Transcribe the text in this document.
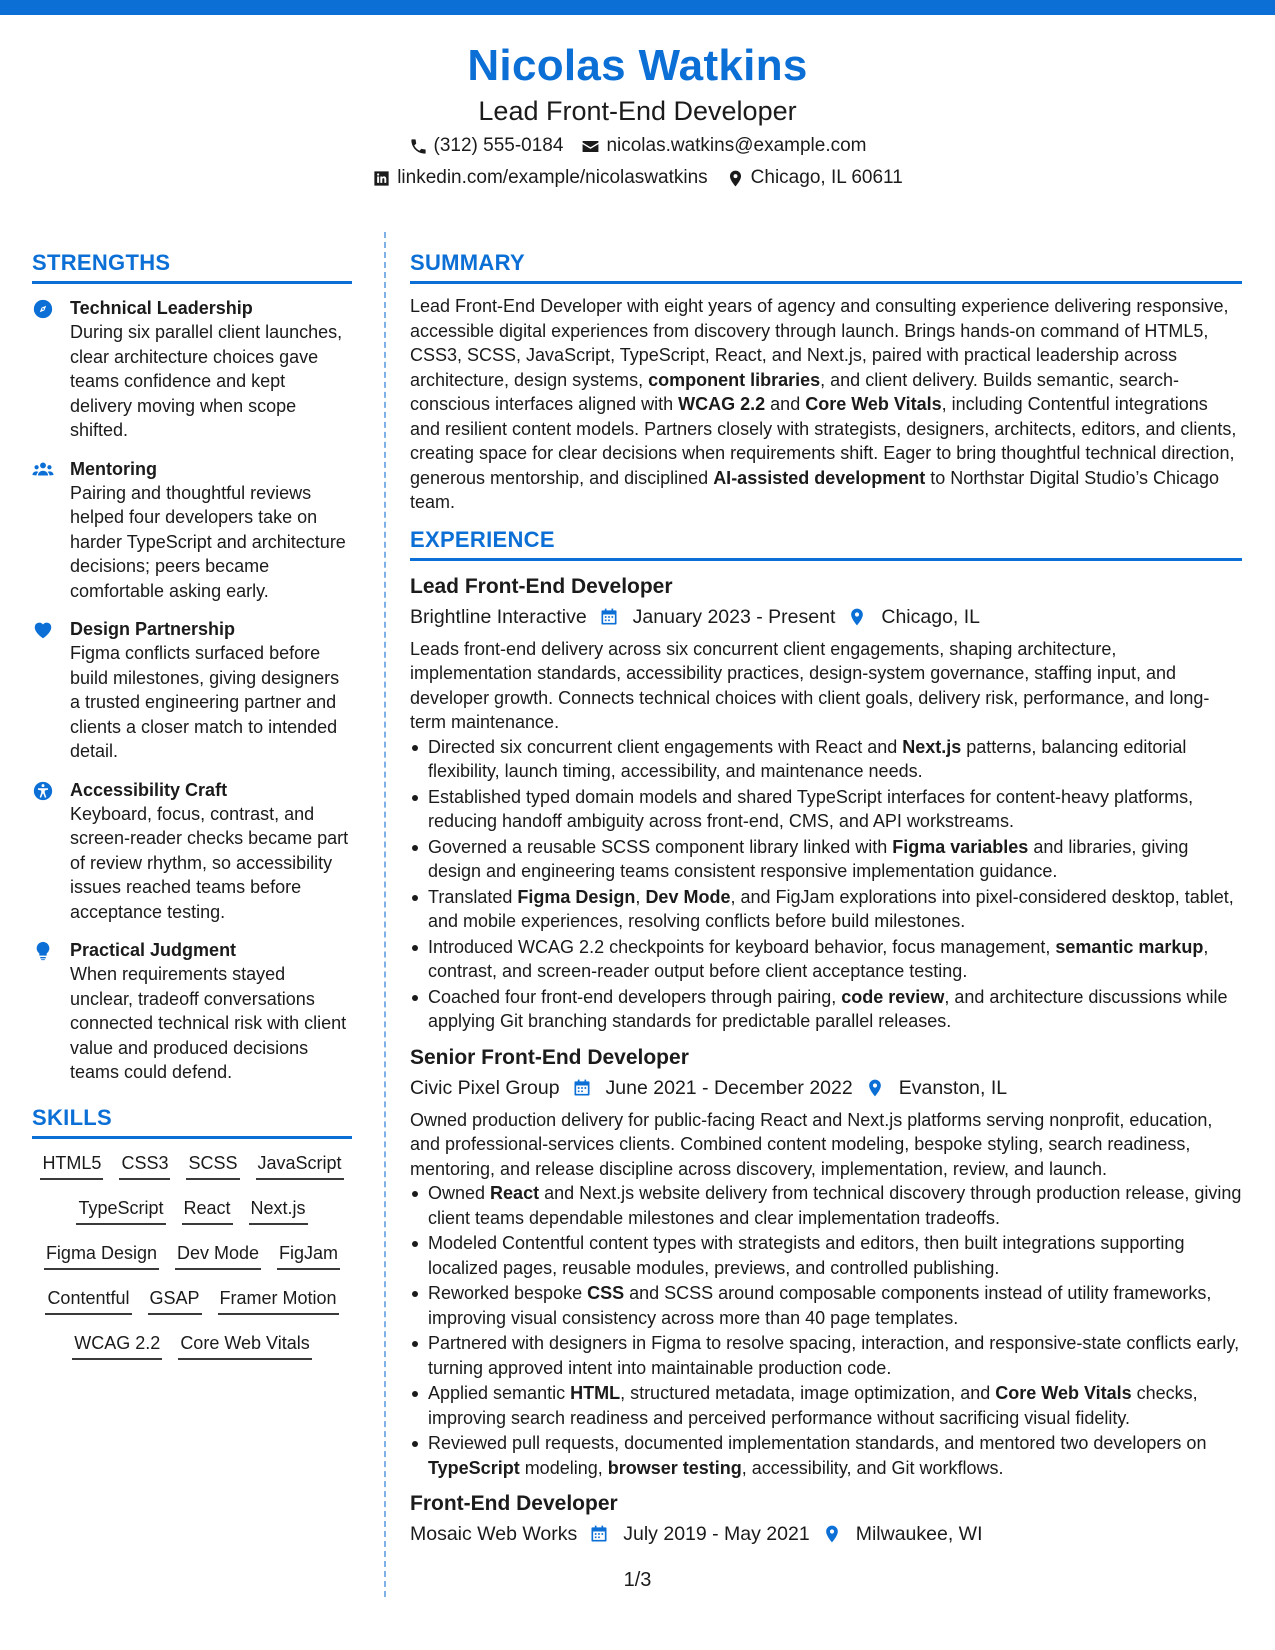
Nicolas Watkins
Lead Front-End Developer
(312) 555-0184 nicolas.watkins@example.com
linkedin.com/example/nicolaswatkins Chicago, IL 60611
STRENGTHS
Technical Leadership
During six parallel client launches, clear architecture choices gave teams confidence and kept delivery moving when scope shifted.
Mentoring
Pairing and thoughtful reviews helped four developers take on harder TypeScript and architecture decisions; peers became comfortable asking early.
Design Partnership
Figma conflicts surfaced before build milestones, giving designers a trusted engineering partner and clients a closer match to intended detail.
Accessibility Craft
Keyboard, focus, contrast, and screen-reader checks became part of review rhythm, so accessibility issues reached teams before acceptance testing.
Practical Judgment
When requirements stayed unclear, tradeoff conversations connected technical risk with client value and produced decisions teams could defend.
SKILLS
HTML5 CSS3 SCSS JavaScript
TypeScript React Next.js
Figma Design Dev Mode FigJam
Contentful GSAP Framer Motion
WCAG 2.2 Core Web Vitals
SUMMARY
Lead Front-End Developer with eight years of agency and consulting experience delivering responsive, accessible digital experiences from discovery through launch. Brings hands-on command of HTML5, CSS3, SCSS, JavaScript, TypeScript, React, and Next.js, paired with practical leadership across architecture, design systems, component libraries, and client delivery. Builds semantic, search-conscious interfaces aligned with WCAG 2.2 and Core Web Vitals, including Contentful integrations and resilient content models. Partners closely with strategists, designers, architects, editors, and clients, creating space for clear decisions when requirements shift. Eager to bring thoughtful technical direction, generous mentorship, and disciplined AI-assisted development to Northstar Digital Studio’s Chicago team.
EXPERIENCE
Lead Front-End Developer
Brightline Interactive January 2023 - Present Chicago, IL
Leads front-end delivery across six concurrent client engagements, shaping architecture, implementation standards, accessibility practices, design-system governance, staffing input, and developer growth. Connects technical choices with client goals, delivery risk, performance, and long-term maintenance.
Directed six concurrent client engagements with React and Next.js patterns, balancing editorial flexibility, launch timing, accessibility, and maintenance needs.
Established typed domain models and shared TypeScript interfaces for content-heavy platforms, reducing handoff ambiguity across front-end, CMS, and API workstreams.
Governed a reusable SCSS component library linked with Figma variables and libraries, giving design and engineering teams consistent responsive implementation guidance.
Translated Figma Design, Dev Mode, and FigJam explorations into pixel-considered desktop, tablet, and mobile experiences, resolving conflicts before build milestones.
Introduced WCAG 2.2 checkpoints for keyboard behavior, focus management, semantic markup, contrast, and screen-reader output before client acceptance testing.
Coached four front-end developers through pairing, code review, and architecture discussions while applying Git branching standards for predictable parallel releases.
Senior Front-End Developer
Civic Pixel Group June 2021 - December 2022 Evanston, IL
Owned production delivery for public-facing React and Next.js platforms serving nonprofit, education, and professional-services clients. Combined content modeling, bespoke styling, search readiness, mentoring, and release discipline across discovery, implementation, review, and launch.
Owned React and Next.js website delivery from technical discovery through production release, giving client teams dependable milestones and clear implementation tradeoffs.
Modeled Contentful content types with strategists and editors, then built integrations supporting localized pages, reusable modules, previews, and controlled publishing.
Reworked bespoke CSS and SCSS around composable components instead of utility frameworks, improving visual consistency across more than 40 page templates.
Partnered with designers in Figma to resolve spacing, interaction, and responsive-state conflicts early, turning approved intent into maintainable production code.
Applied semantic HTML, structured metadata, image optimization, and Core Web Vitals checks, improving search readiness and perceived performance without sacrificing visual fidelity.
Reviewed pull requests, documented implementation standards, and mentored two developers on TypeScript modeling, browser testing, accessibility, and Git workflows.
Front-End Developer
Mosaic Web Works July 2019 - May 2021 Milwaukee, WI
1/3
